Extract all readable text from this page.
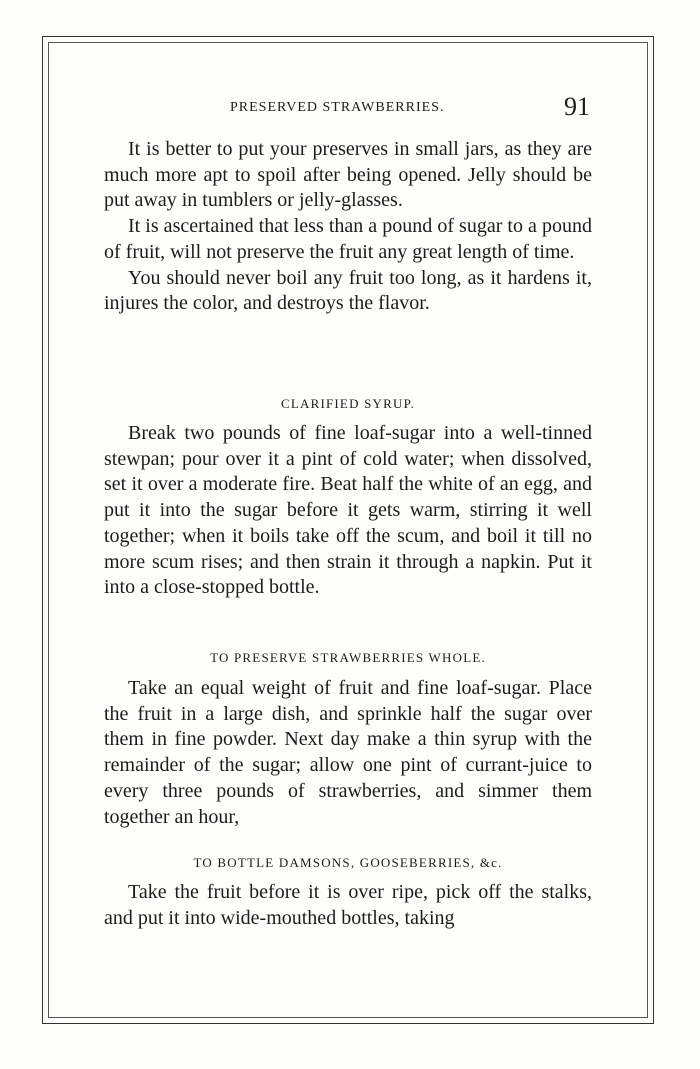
PRESERVED STRAWBERRIES.	91

It is better to put your preserves in small jars, as they are much more apt to spoil after being opened. Jelly should be put away in tumblers or jelly-glasses.

It is ascertained that less than a pound of sugar to a pound of fruit, will not preserve the fruit any great length of time.

You should never boil any fruit too long, as it hardens it, injures the color, and destroys the flavor.

CLARIFIED SYRUP.

Break two pounds of fine loaf-sugar into a well-tinned stewpan; pour over it a pint of cold water; when dissolved, set it over a moderate fire. Beat half the white of an egg, and put it into the sugar before it gets warm, stirring it well together; when it boils take off the scum, and boil it till no more scum rises; and then strain it through a napkin. Put it into a close-stopped bottle.

TO PRESERVE STRAWBERRIES WHOLE.

Take an equal weight of fruit and fine loaf-sugar. Place the fruit in a large dish, and sprinkle half the sugar over them in fine powder. Next day make a thin syrup with the remainder of the sugar; allow one pint of currant-juice to every three pounds of strawberries, and simmer them together an hour,

TO BOTTLE DAMSONS, GOOSEBERRIES, &c.

Take the fruit before it is over ripe, pick off the stalks, and put it into wide-mouthed bottles, taking
